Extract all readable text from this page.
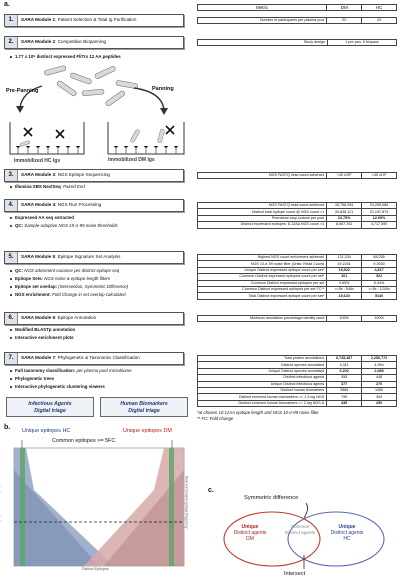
a.
1.	SARA Module 1: Patient Selection & Total Ig Purification
2.	SARA Module 2: Competitive Biopanning
1.77 x 10⁹ distinct expressed FliTrx 12 AA peptides
Pre-Panning	Panning
Immobilized HC Igs	Immobilized DM Igs
3.	SARA Module 3: NGS Epitope Sequencing
Illumina SBS NextSeq: Paired End
4.	SARA Module 4: NGS Run Processing
Expressed AA seq extracted
QC: Sample-adaptive NGS 10-σ-99 noise thresholds
5.	SARA Module 5: Epitope Signature Set Analysis
QC: NGS advisment variance per distinct epitope seq
Epitope Sets: NGS noise & epitope length filters
Epitope set overlap: (Intersection, Symmetric Difference)
NGS enrichment: Fold Change in set overlap calculated
6.	SARA Module 6: Epitope Annotation
Modified BLASTp annotation
Interactive enrichment plots
7.	SARA Module 7: Phylogenetic & Taxonomic Classification
Full taxonomy classification: per plasma pool microbiome
Phylogenetic trees
Interactive phylogenetic clustering viewers
Infectious Agents
Digital triage
Human Biomarkers
Digital triage
Metric	DM	HC
Number of participants per plasma pool	20	20
Study design	1 pre-pan, 5 biopans
NGS FASTQ read count achieved	>40 x10⁶	>40 x10⁶
NGS FASTQ read count achieved	35,756,094	24,269,086
Distinct total epitope count @ NGS count >1	30,838,121	21,197,879
Premature stop codons per pool	13.75%	12.65%
Distinct expressed epitopes: 6-12AA NGS count >1	8,667,781	4,717,590
Highest NGS count enrichment achieved	131,334	88,255
NGS 10-σ-99 noise filter (Units: Read Count)	19.2201	9.3930
Unique Distinct expressed epitope count per set*	15,522	4,817
Common Distinct expressed epitopes count per set*	101	322
Common Distinct expressed epitopes per set	0.65%	6.44%
Common Distinct expressed epitopes per set FC**	>=5x : 546x	>=5x : 1240x
Total Distinct expressed epitope count per set*	15,623	5140
Minimum annotation percentage identity used	100%	100%
Total protein annotations	6,745,487	2,250,772
Distinct species annotated	9,311	4,994
Unique Distinct species annotated	6,202	2,085
Distinct infectious agents	455	448
Unique Distinct infectious agents	377	270
Distinct human biomarkers	2885	1450
Distinct enriched human biomarkers >= 1.3 log NGS	790	309
Distinct enriched human biomarkers >= 2 log NGS &	435	250
*at chosen 10:12AA epitope length and NGS 10-σ-99 noise filter
** FC: Fold change
b. Unique epitopes HC	Unique epitopes DM
Common epitopes >= 5FC
Distinct Epitopes
Total enrichment epitope frequency	c.
Symmetric difference
Intersect
Unique
Distinct agents
DM
Common
Distinct agents
Unique
Distinct agents
HC
